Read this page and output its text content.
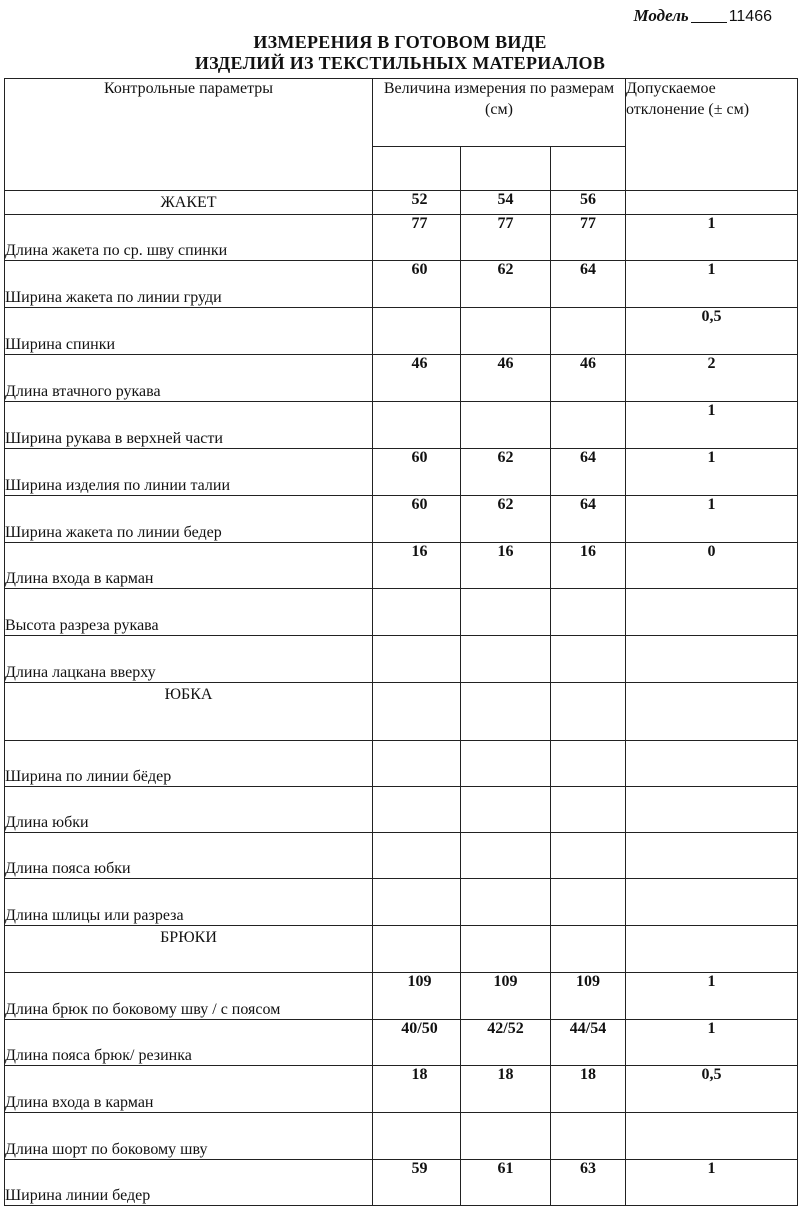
Модель	11466
ИЗМЕРЕНИЯ В ГОТОВОМ ВИДЕ
ИЗДЕЛИЙ ИЗ ТЕКСТИЛЬНЫХ МАТЕРИАЛОВ
Контрольные параметры	Величина измерения по размерам (см)			Допускаемое отклонение (± см)

ЖАКЕТ	52	54	56	
Длина жакета по ср. шву спинки	77	77	77	1
Ширина жакета по линии груди	60	62	64	1
Ширина спинки				0,5
Длина втачного рукава	46	46	46	2
Ширина рукава в верхней части				1
Ширина изделия по линии талии	60	62	64	1
Ширина жакета по линии бедер	60	62	64	1
Длина входа в карман	16	16	16	0
Высота разреза рукава				
Длина лацкана вверху				
ЮБКА				
Ширина по линии бёдер				
Длина юбки				
Длина пояса юбки				
Длина шлицы или разреза				
БРЮКИ				
Длина брюк по боковому шву / с поясом	109	109	109	1
Длина пояса брюк/ резинка	40/50	42/52	44/54	1
Длина входа в карман	18	18	18	0,5
Длина шорт по боковому шву				
Ширина линии бедер	59	61	63	1
